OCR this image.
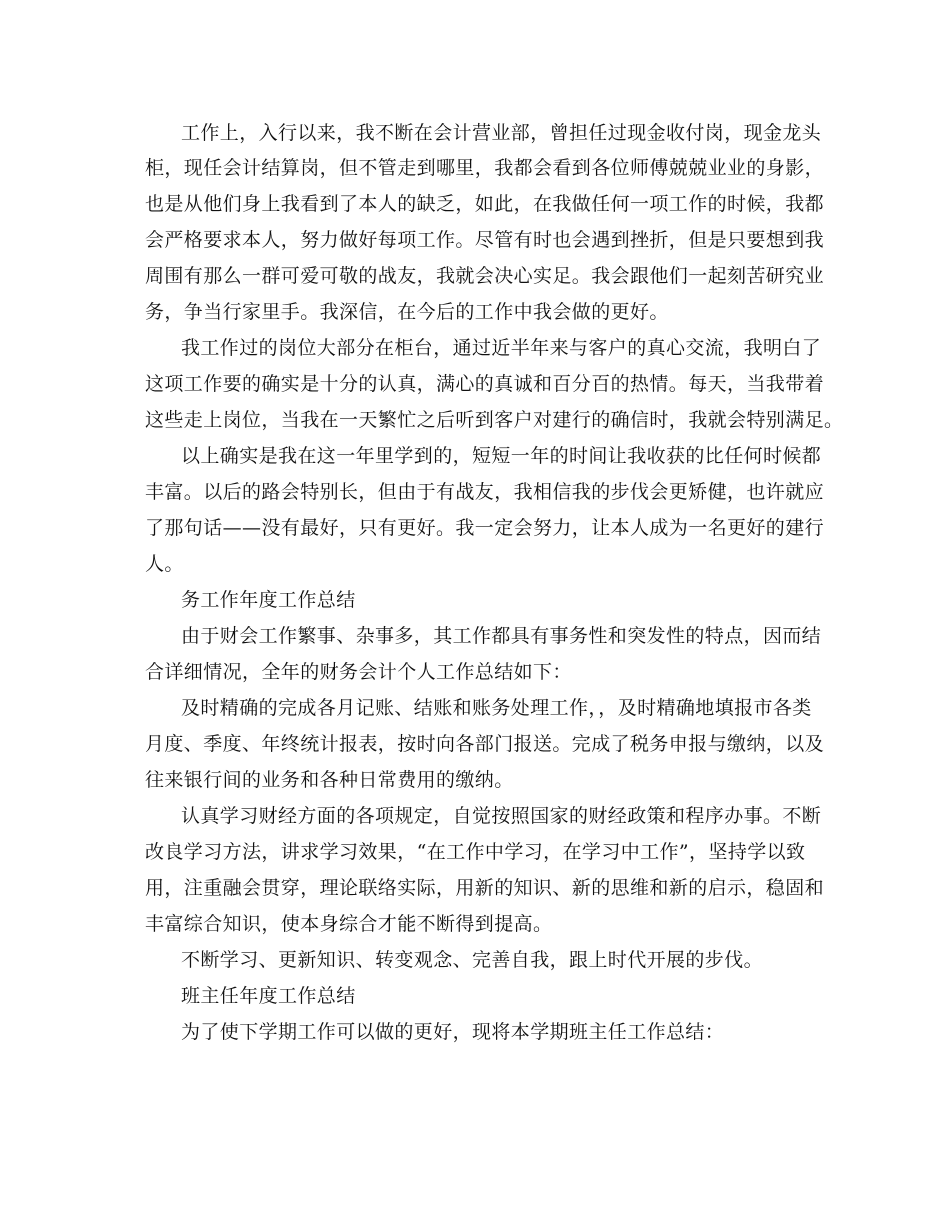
工作上，入行以来，我不断在会计营业部，曾担任过现金收付岗，现金龙头
柜，现任会计结算岗，但不管走到哪里，我都会看到各位师傅兢兢业业的身影，
也是从他们身上我看到了本人的缺乏，如此，在我做任何一项工作的时候，我都
会严格要求本人，努力做好每项工作。尽管有时也会遇到挫折，但是只要想到我
周围有那么一群可爱可敬的战友，我就会决心实足。我会跟他们一起刻苦研究业
务，争当行家里手。我深信，在今后的工作中我会做的更好。
我工作过的岗位大部分在柜台，通过近半年来与客户的真心交流，我明白了
这项工作要的确实是十分的认真，满心的真诚和百分百的热情。每天，当我带着
这些走上岗位，当我在一天繁忙之后听到客户对建行的确信时，我就会特别满足。
以上确实是我在这一年里学到的，短短一年的时间让我收获的比任何时候都
丰富。以后的路会特别长，但由于有战友，我相信我的步伐会更矫健，也许就应
了那句话——没有最好，只有更好。我一定会努力，让本人成为一名更好的建行
人。
务工作年度工作总结
由于财会工作繁事、杂事多，其工作都具有事务性和突发性的特点，因而结
合详细情况，全年的财务会计个人工作总结如下：
及时精确的完成各月记账、结账和账务处理工作，，及时精确地填报市各类
月度、季度、年终统计报表，按时向各部门报送。完成了税务申报与缴纳，以及
往来银行间的业务和各种日常费用的缴纳。
认真学习财经方面的各项规定，自觉按照国家的财经政策和程序办事。不断
改良学习方法，讲求学习效果，“在工作中学习，在学习中工作”，坚持学以致
用，注重融会贯穿，理论联络实际，用新的知识、新的思维和新的启示，稳固和
丰富综合知识，使本身综合才能不断得到提高。
不断学习、更新知识、转变观念、完善自我，跟上时代开展的步伐。
班主任年度工作总结
为了使下学期工作可以做的更好，现将本学期班主任工作总结：
